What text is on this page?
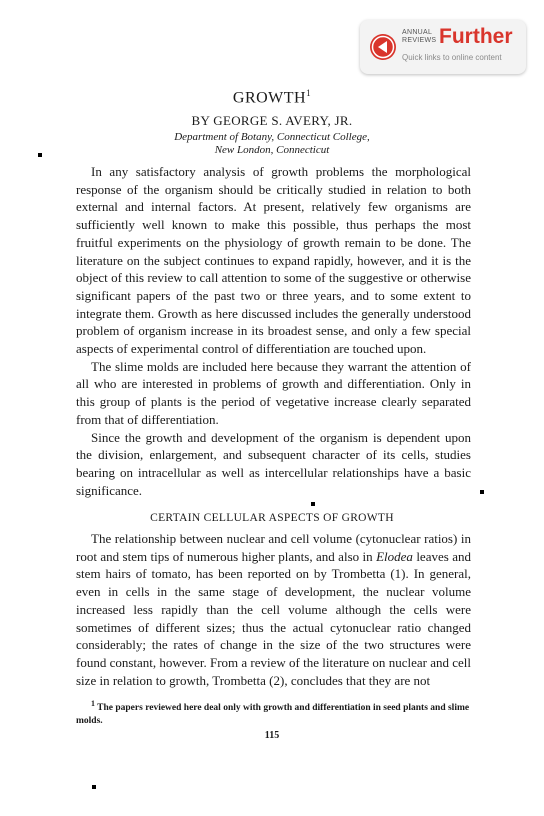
ANNUAL
REVIEWS Further
Quick links to online content
GROWTH$^1$
BY GEORGE S. AVERY, JR.
Department of Botany, Connecticut College,
New London, Connecticut

In any satisfactory analysis of growth problems the morphological response of the organism should be critically studied in relation to both external and internal factors. At present, relatively few organisms are sufficiently well known to make this possible, thus perhaps the most fruitful experiments on the physiology of growth remain to be done. The literature on the subject continues to expand rapidly, however, and it is the object of this review to call attention to some of the suggestive or otherwise significant papers of the past two or three years, and to some extent to integrate them. Growth as here discussed includes the generally understood problem of organism increase in its broadest sense, and only a few special aspects of experimental control of differentiation are touched upon.

The slime molds are included here because they warrant the attention of all who are interested in problems of growth and differentiation. Only in this group of plants is the period of vegetative increase clearly separated from that of differentiation.

Since the growth and development of the organism is dependent upon the division, enlargement, and subsequent character of its cells, studies bearing on intracellular as well as intercellular relationships have a basic significance.

CERTAIN CELLULAR ASPECTS OF GROWTH

The relationship between nuclear and cell volume (cytonuclear ratios) in root and stem tips of numerous higher plants, and also in Elodea leaves and stem hairs of tomato, has been reported on by Trombetta (1). In general, even in cells in the same stage of development, the nuclear volume increased less rapidly than the cell volume although the cells were sometimes of different sizes; thus the actual cytonuclear ratio changed considerably; the rates of change in the size of the two structures were found constant, however. From a review of the literature on nuclear and cell size in relation to growth, Trombetta (2), concludes that they are not

$^1$ The papers reviewed here deal only with growth and differentiation in seed plants and slime molds.

115
